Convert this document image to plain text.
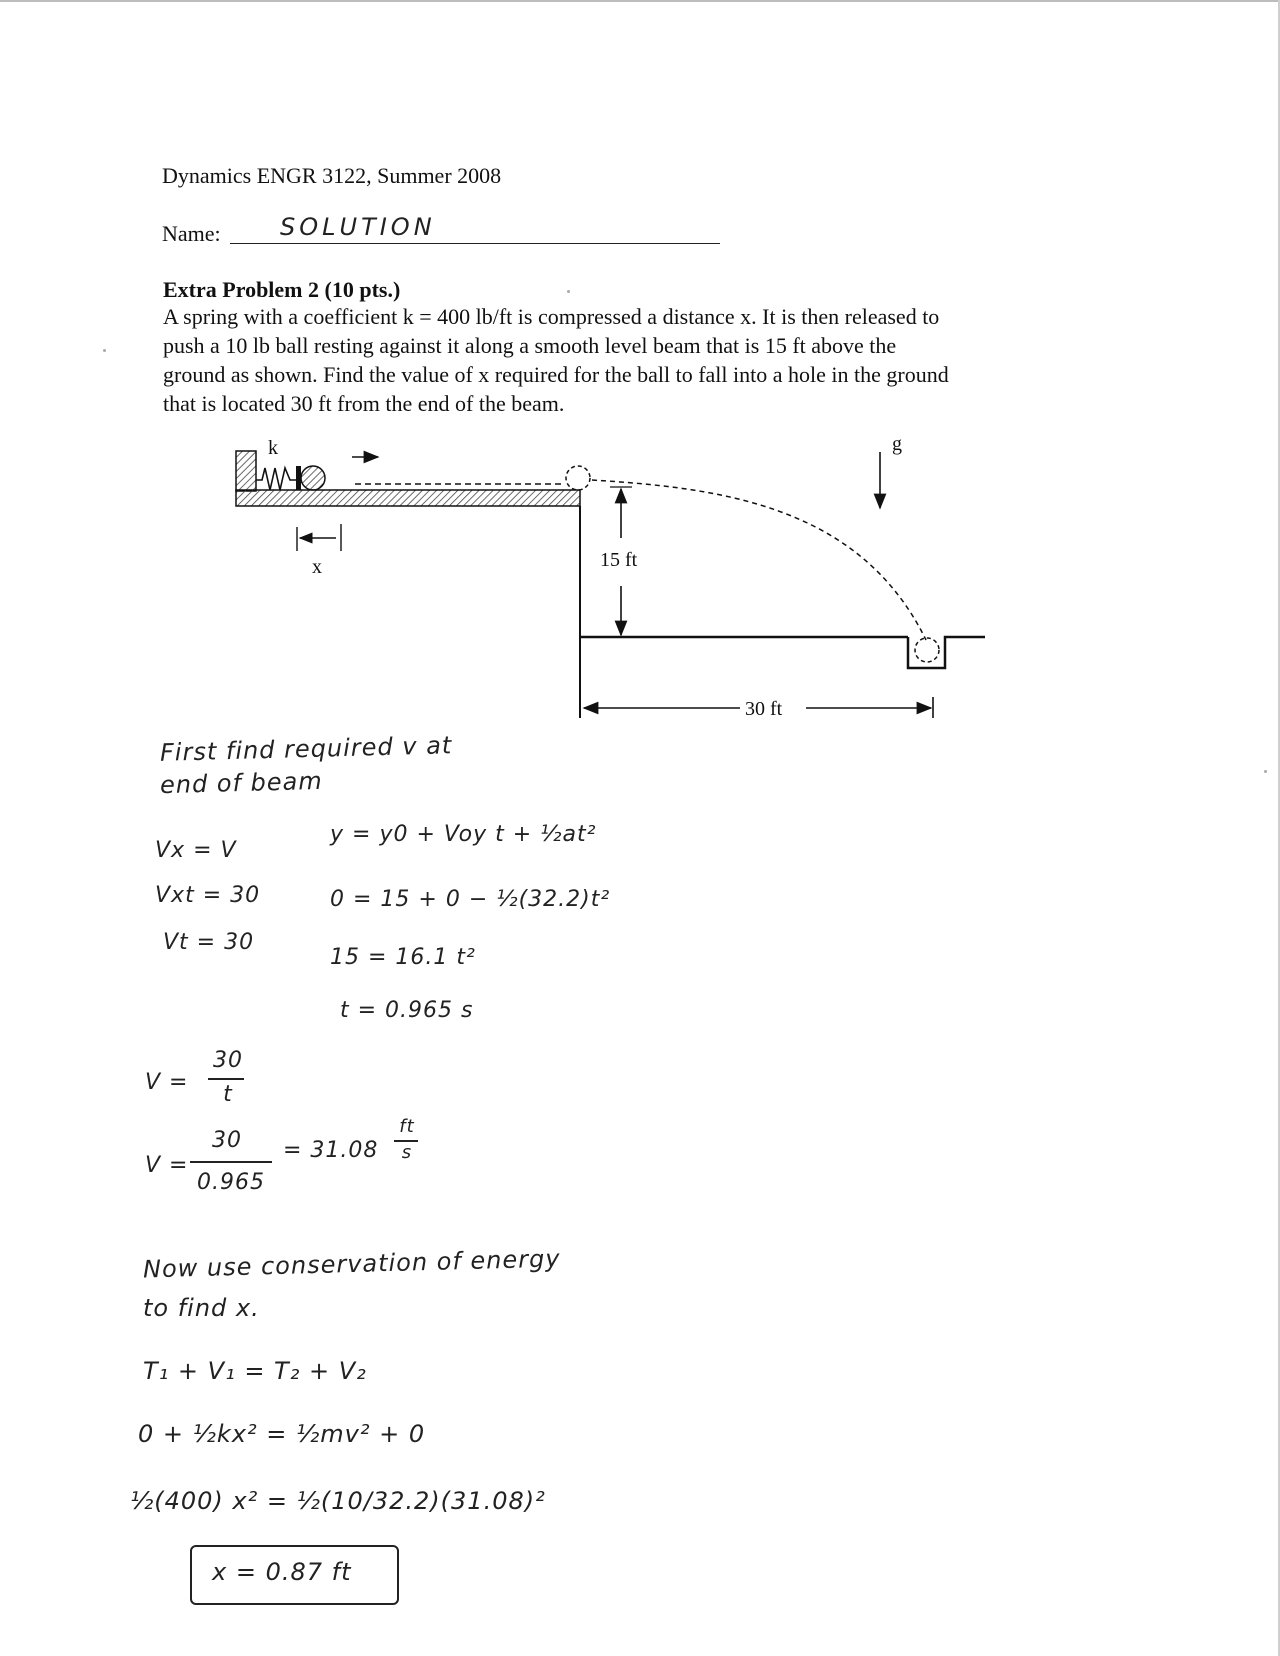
Dynamics ENGR 3122, Summer 2008
Name: SOLUTION
Extra Problem 2 (10 pts.)
A spring with a coefficient k = 400 lb/ft is compressed a distance x. It is then released to
push a 10 lb ball resting against it along a smooth level beam that is 15 ft above the
ground as shown. Find the value of x required for the ball to fall into a hole in the ground
that is located 30 ft from the end of the beam.
k
15 ft
30 ft
x
g
First find required v at
end of beam
Vx = V
Vxt = 30
Vt = 30
y = y0 + Voy t + ½at²
0 = 15 + 0 − ½(32.2)t²
15 = 16.1 t²
t = 0.965 s
V =
30
t
V =
30
0.965
= 31.08
ft
s
Now use conservation of energy
to find x.
T₁ + V₁ = T₂ + V₂
0 + ½kx² = ½mv² + 0
½(400) x² = ½(10/32.2)(31.08)²
x = 0.87 ft
